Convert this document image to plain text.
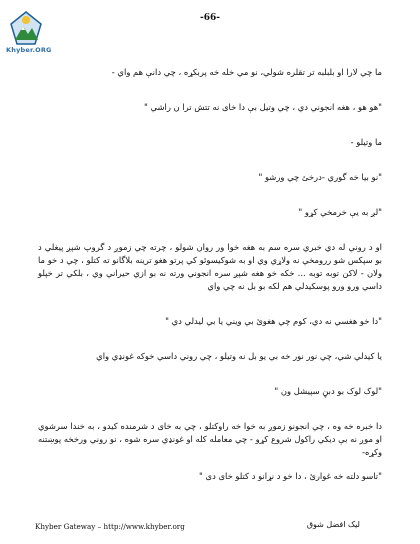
Khyber.ORG
-66-

ما چي لارا او بلبلبه تر تقلره شولي، نو مي خله خه پربكړه ، چي دانې هم واي -

"هو هو ، هغه انجوني دي ، چي وتيل بې دا خاى نه تتش ترا ن راشي "

ما وتيلو -

"نو بيا خه گوري -درخئ چي ورشو "

"لږ به يې خرمخي كړو "

او د روني له دي خبري سره سم به هغه خوا ور روان شولو ، چرته چي زموږ د گروپ شپږ پيغلي د بو سپكس شو ررومخي نه ولاړي وي او به شوكيسوئو كي پرتو هغو ترينه بلاگانو ته كتلو ، چي د خو ما ولان - لاكن توبه توبه ... خكه خو هغه شپږ سره انجوني ورته نه بو ازي حيراني وي ، بلكي تر خپلو داسي ورو ورو پوسكيدلي هم لكه بو بل نه چي واي

"دا خو هغسي نه دي، كوم چي هغوئ بي ويني يا بي ليدلي دي "

يا كيدلي شي، چي نور نور خه بي يو بل نه وتيلو ، چي روني داسي خوكه غونډي واي

"لوک لوک بو دبڼ سپيشل ون "

دا خبره خه وه ، چي انجونو زموږ به خوا خه راوكتلو ، چي به خاى د شرمنده كيدو ، به خندا سرشوي او موږ نه بې ديكي راكول شروع كړو - چي معامله كله او غونډي سره شوه ، نو روني ورخخه پوښتنه وكړه-

"تاسو دلته خه غوارئ ، دا خو د نړانو د كتلو خاى دى "

Khyber Gateway – http://www.khyber.org	ليک افضل شوق
